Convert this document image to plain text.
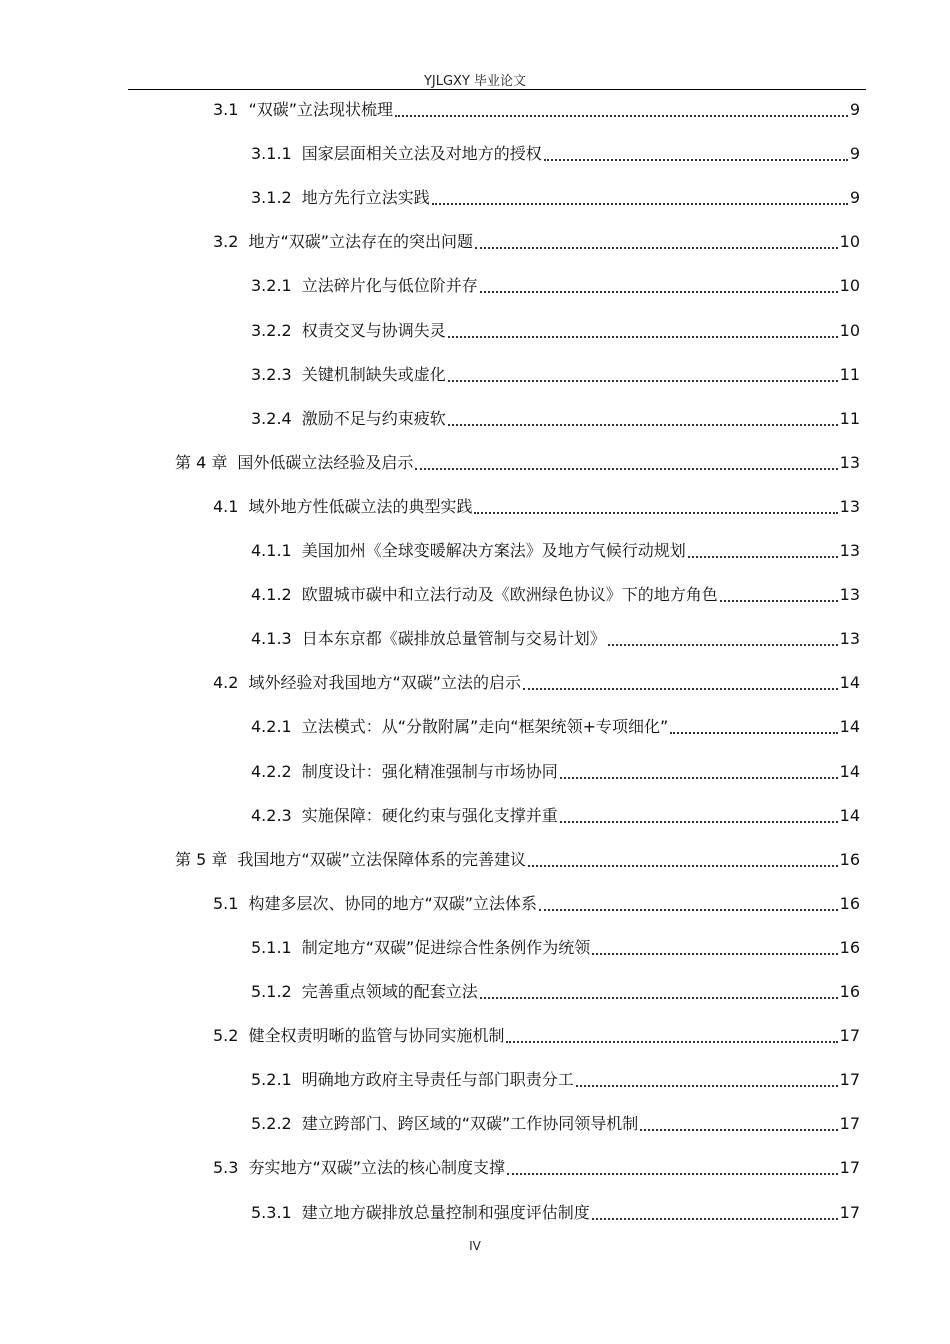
YJLGXY 毕业论文
3.1 “双碳”立法现状梳理	9
3.1.1 国家层面相关立法及对地方的授权	9
3.1.2 地方先行立法实践	9
3.2 地方“双碳”立法存在的突出问题	10
3.2.1 立法碎片化与低位阶并存	10
3.2.2 权责交叉与协调失灵	10
3.2.3 关键机制缺失或虚化	11
3.2.4 激励不足与约束疲软	11
第 4 章 国外低碳立法经验及启示	13
4.1 域外地方性低碳立法的典型实践	13
4.1.1 美国加州《全球变暖解决方案法》及地方气候行动规划	13
4.1.2 欧盟城市碳中和立法行动及《欧洲绿色协议》下的地方角色	13
4.1.3 日本东京都《碳排放总量管制与交易计划》	13
4.2 域外经验对我国地方“双碳”立法的启示	14
4.2.1 立法模式：从“分散附属”走向“框架统领+专项细化”	14
4.2.2 制度设计：强化精准强制与市场协同	14
4.2.3 实施保障：硬化约束与强化支撑并重	14
第 5 章 我国地方“双碳”立法保障体系的完善建议	16
5.1 构建多层次、协同的地方“双碳”立法体系	16
5.1.1 制定地方“双碳”促进综合性条例作为统领	16
5.1.2 完善重点领域的配套立法	16
5.2 健全权责明晰的监管与协同实施机制	17
5.2.1 明确地方政府主导责任与部门职责分工	17
5.2.2 建立跨部门、跨区域的“双碳”工作协同领导机制	17
5.3 夯实地方“双碳”立法的核心制度支撑	17
5.3.1 建立地方碳排放总量控制和强度评估制度	17
IV
